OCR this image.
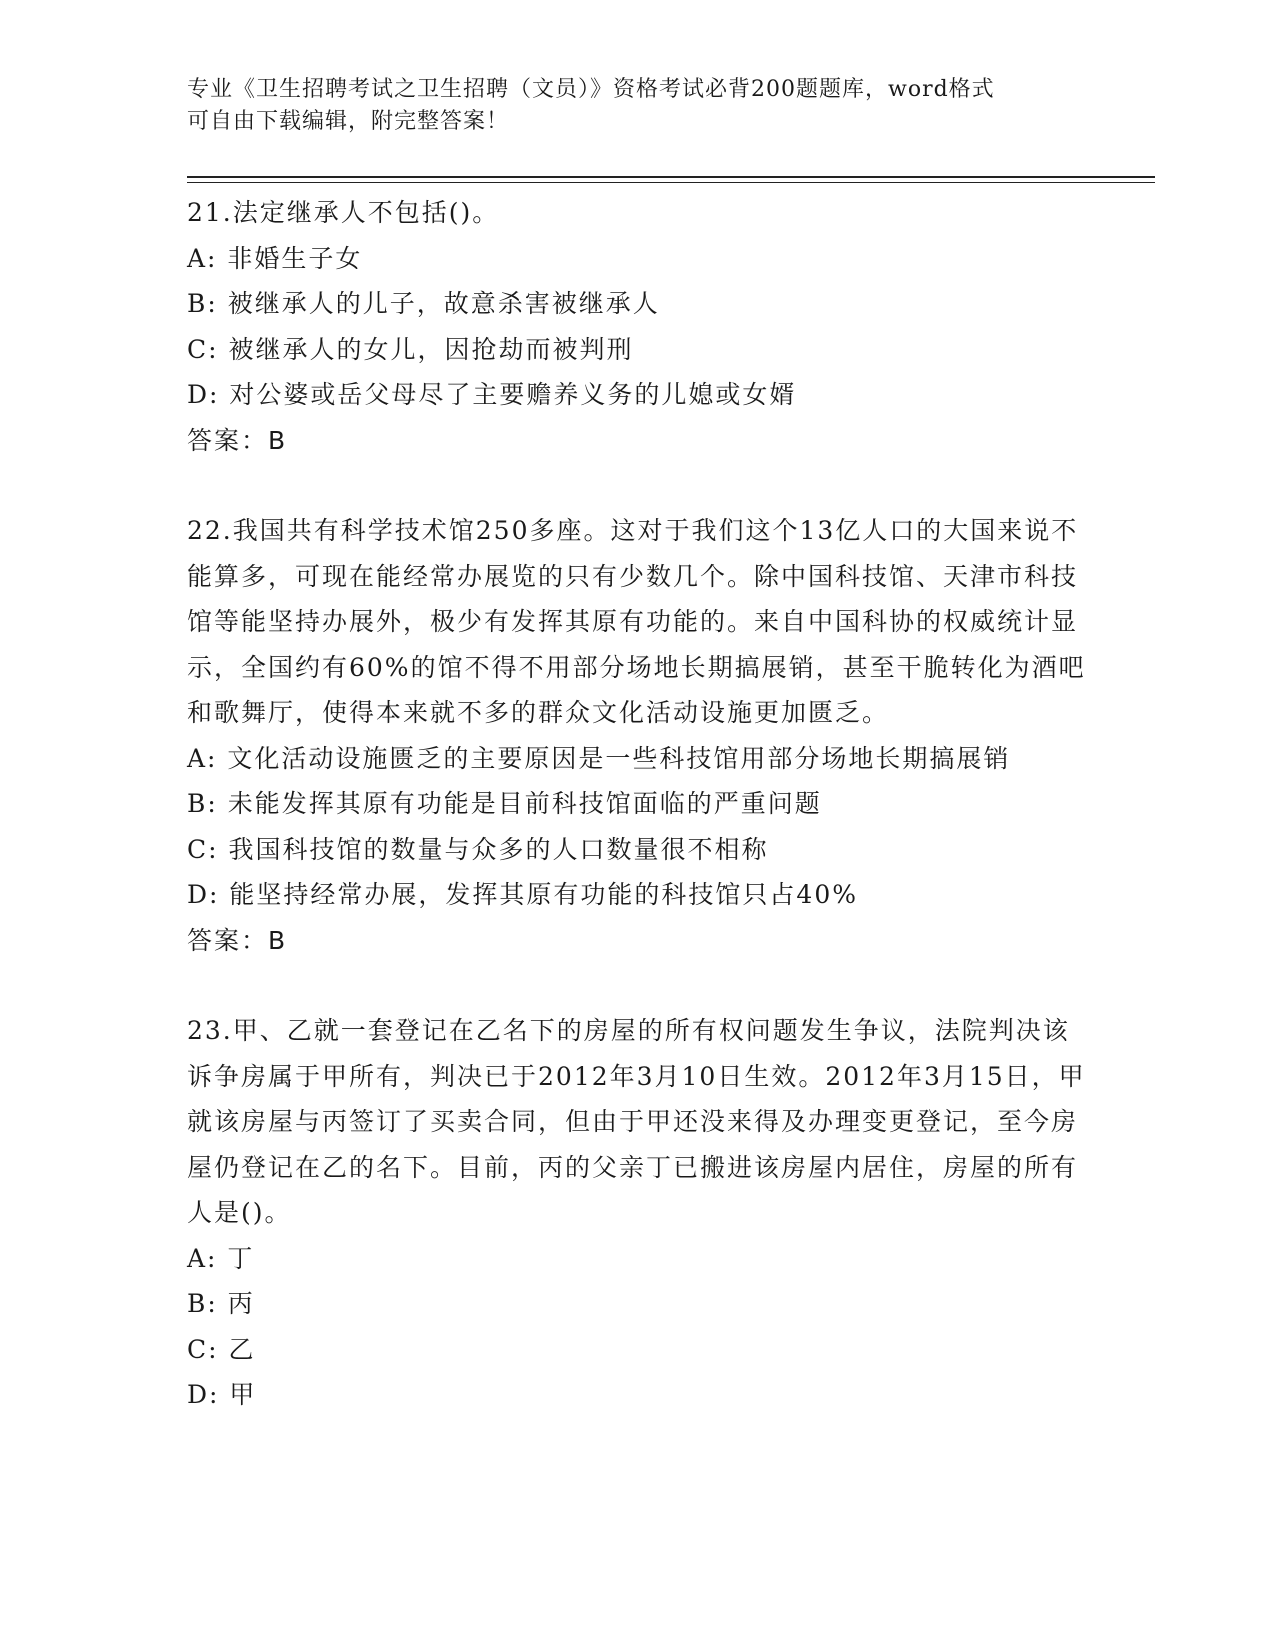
专业《卫生招聘考试之卫生招聘（文员）》资格考试必背200题题库，word格式
可自由下载编辑，附完整答案！
21.法定继承人不包括()。
A: 非婚生子女
B: 被继承人的儿子，故意杀害被继承人
C: 被继承人的女儿，因抢劫而被判刑
D: 对公婆或岳父母尽了主要赡养义务的儿媳或女婿
答案：B
22.我国共有科学技术馆250多座。这对于我们这个13亿人口的大国来说不能算多，可现在能经常办展览的只有少数几个。除中国科技馆、天津市科技馆等能坚持办展外，极少有发挥其原有功能的。来自中国科协的权威统计显示，全国约有60%的馆不得不用部分场地长期搞展销，甚至干脆转化为酒吧和歌舞厅，使得本来就不多的群众文化活动设施更加匮乏。
A: 文化活动设施匮乏的主要原因是一些科技馆用部分场地长期搞展销
B: 未能发挥其原有功能是目前科技馆面临的严重问题
C: 我国科技馆的数量与众多的人口数量很不相称
D: 能坚持经常办展，发挥其原有功能的科技馆只占40%
答案：B
23.甲、乙就一套登记在乙名下的房屋的所有权问题发生争议，法院判决该诉争房属于甲所有，判决已于2012年3月10日生效。2012年3月15日，甲就该房屋与丙签订了买卖合同，但由于甲还没来得及办理变更登记，至今房屋仍登记在乙的名下。目前，丙的父亲丁已搬进该房屋内居住，房屋的所有人是()。
A: 丁
B: 丙
C: 乙
D: 甲
